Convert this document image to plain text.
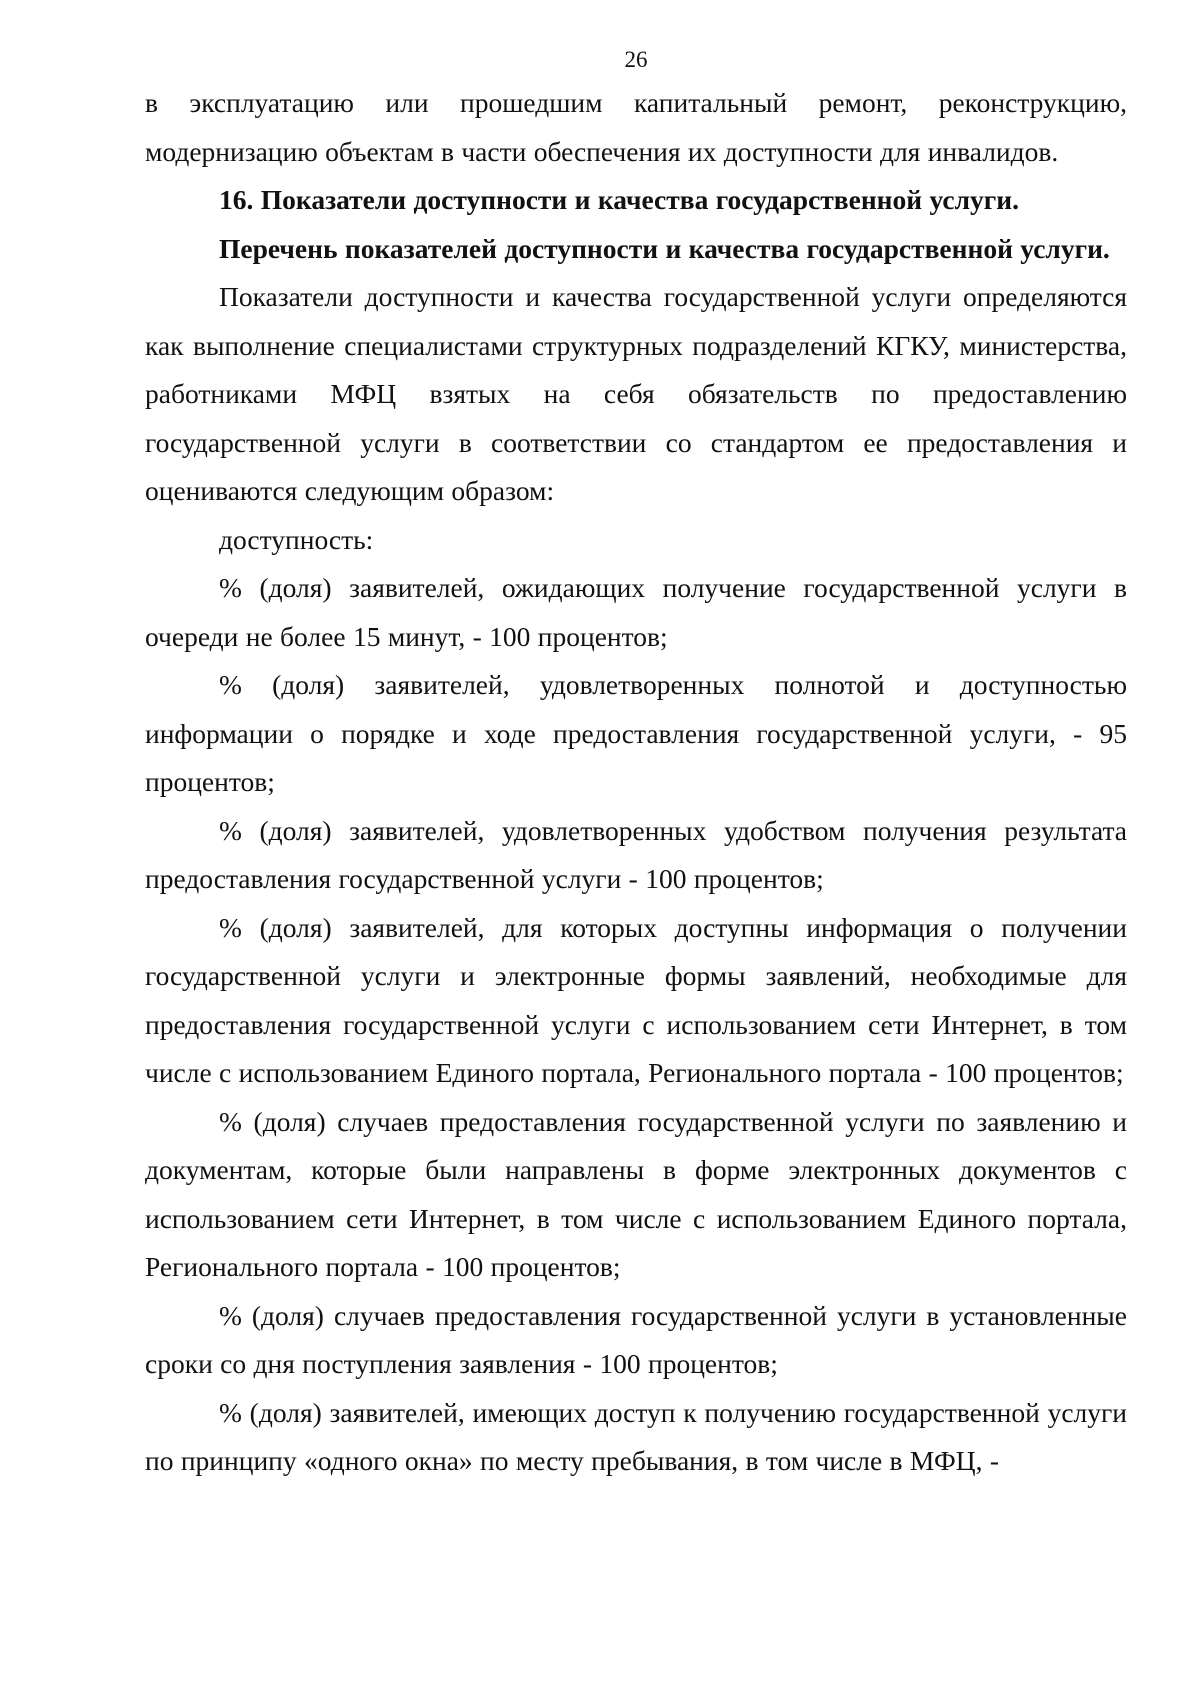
26

в эксплуатацию или прошедшим капитальный ремонт, реконструкцию, модернизацию объектам в части обеспечения их доступности для инвалидов.

16. Показатели доступности и качества государственной услуги.

Перечень показателей доступности и качества государственной услуги.

Показатели доступности и качества государственной услуги определяются как выполнение специалистами структурных подразделений КГКУ, министерства, работниками МФЦ взятых на себя обязательств по предоставлению государственной услуги в соответствии со стандартом ее предоставления и оцениваются следующим образом:

доступность:

% (доля) заявителей, ожидающих получение государственной услуги в очереди не более 15 минут, - 100 процентов;

% (доля) заявителей, удовлетворенных полнотой и доступностью информации о порядке и ходе предоставления государственной услуги, - 95 процентов;

% (доля) заявителей, удовлетворенных удобством получения результата предоставления государственной услуги - 100 процентов;

% (доля) заявителей, для которых доступны информация о получении государственной услуги и электронные формы заявлений, необходимые для предоставления государственной услуги с использованием сети Интернет, в том числе с использованием Единого портала, Регионального портала - 100 процентов;

% (доля) случаев предоставления государственной услуги по заявлению и документам, которые были направлены в форме электронных документов с использованием сети Интернет, в том числе с использованием Единого портала, Регионального портала - 100 процентов;

% (доля) случаев предоставления государственной услуги в установленные сроки со дня поступления заявления - 100 процентов;

% (доля) заявителей, имеющих доступ к получению государственной услуги по принципу «одного окна» по месту пребывания, в том числе в МФЦ, -
